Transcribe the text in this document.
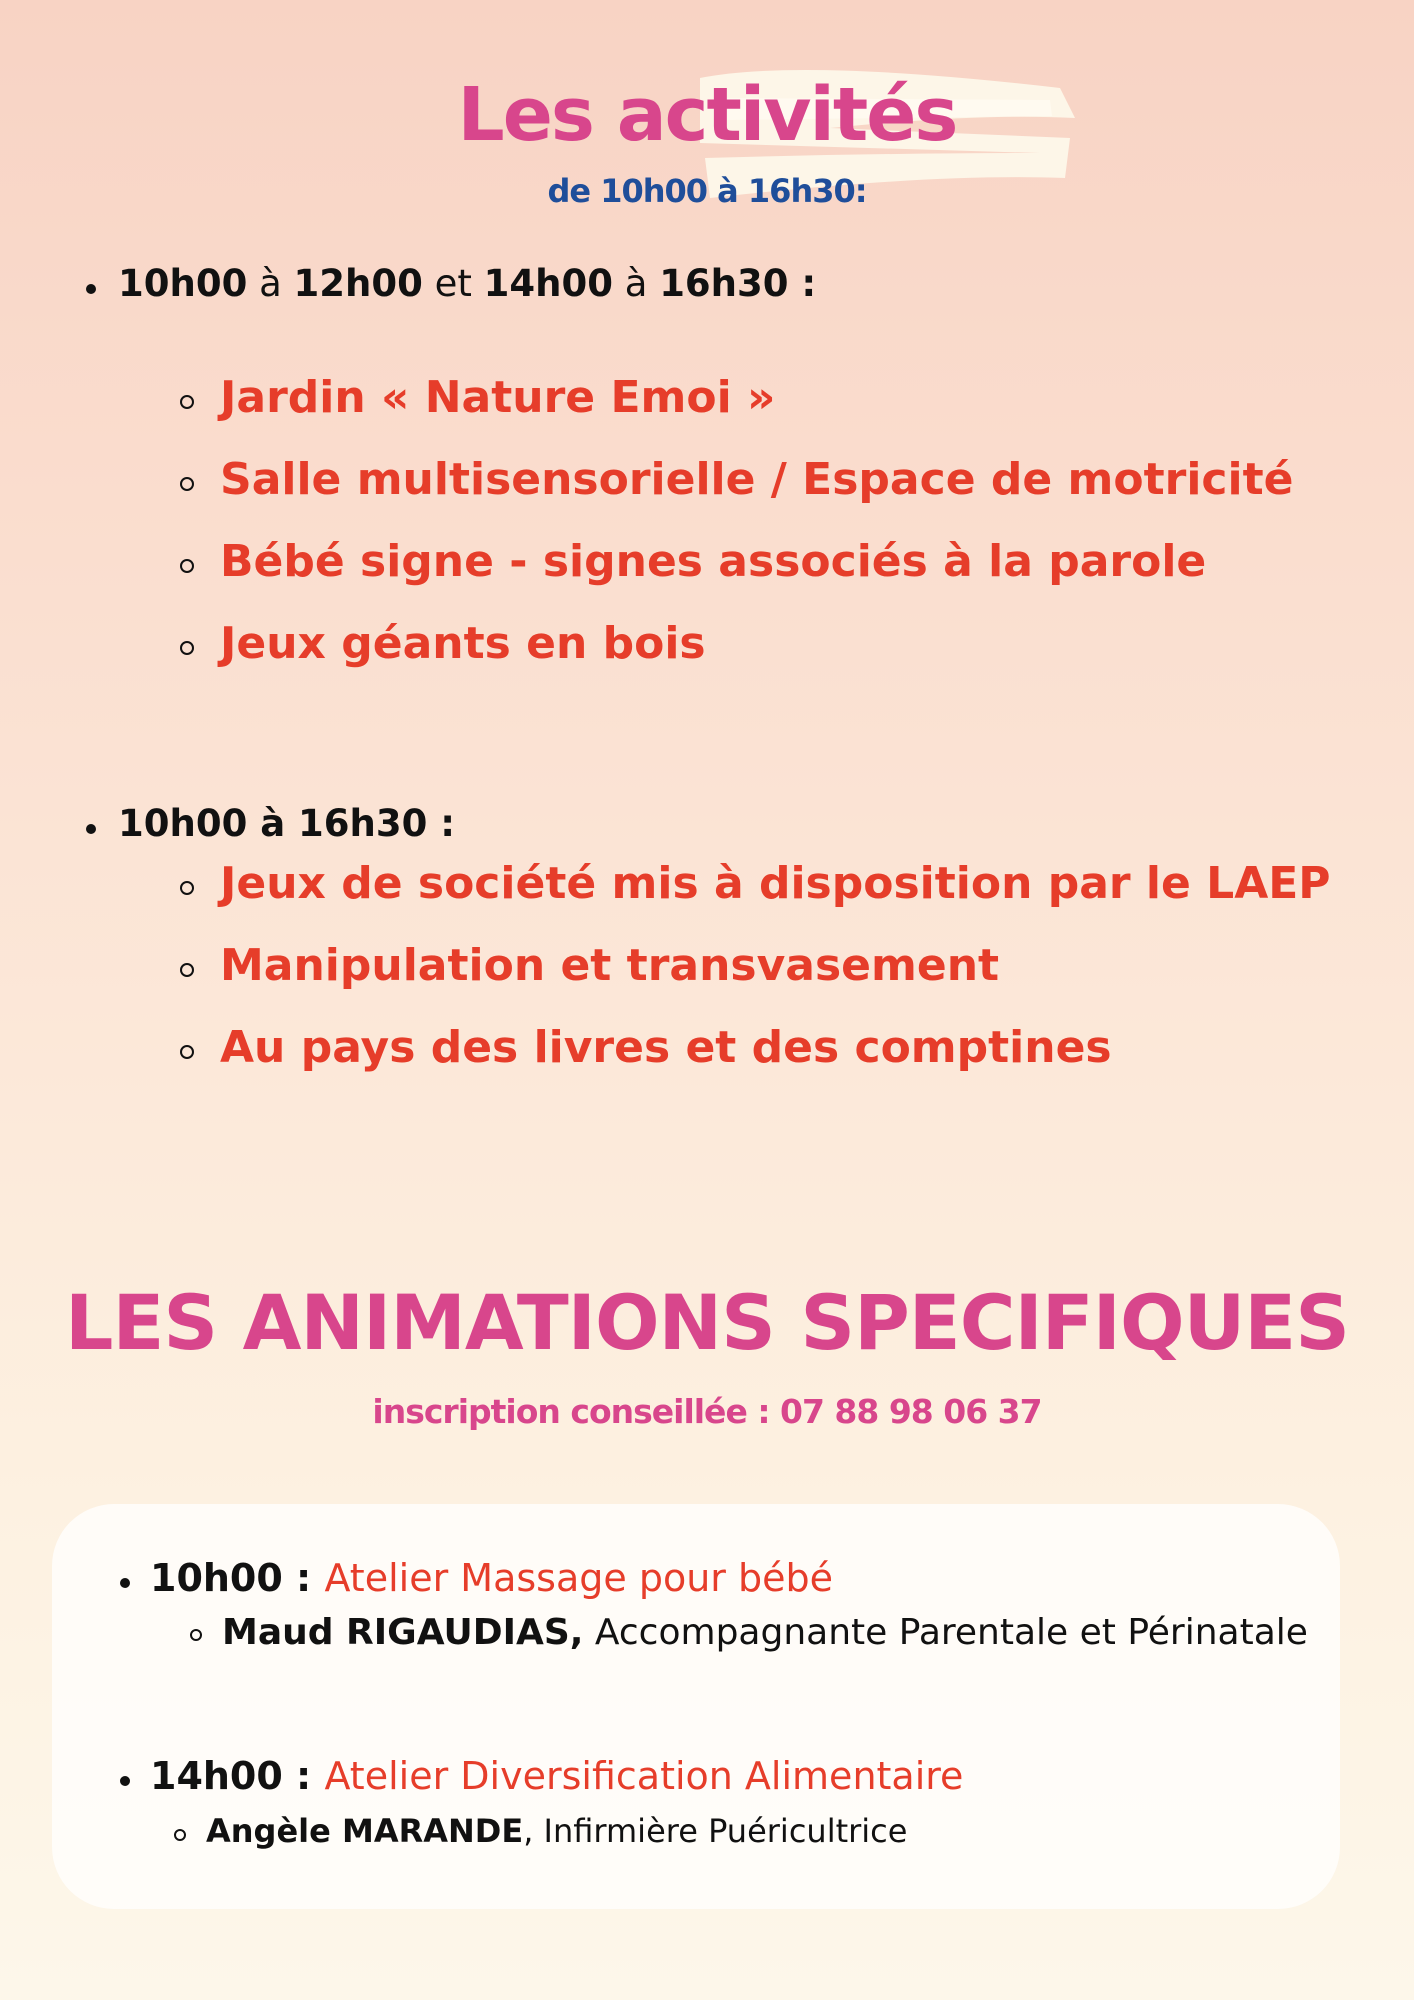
Les activités

de 10h00 à 16h30:

10h00 à 12h00 et 14h00 à 16h30 :
Jardin « Nature Emoi »
Salle multisensorielle / Espace de motricité
Bébé signe - signes associés à la parole
Jeux géants en bois
10h00 à 16h30 :
Jeux de société mis à disposition par le LAEP
Manipulation et transvasement
Au pays des livres et des comptines
LES ANIMATIONS SPECIFIQUES

inscription conseillée : 07 88 98 06 37

10h00 : Atelier Massage pour bébé
Maud RIGAUDIAS, Accompagnante Parentale et Périnatale
14h00 : Atelier Diversification Alimentaire
Angèle MARANDE, Infirmière Puéricultrice
